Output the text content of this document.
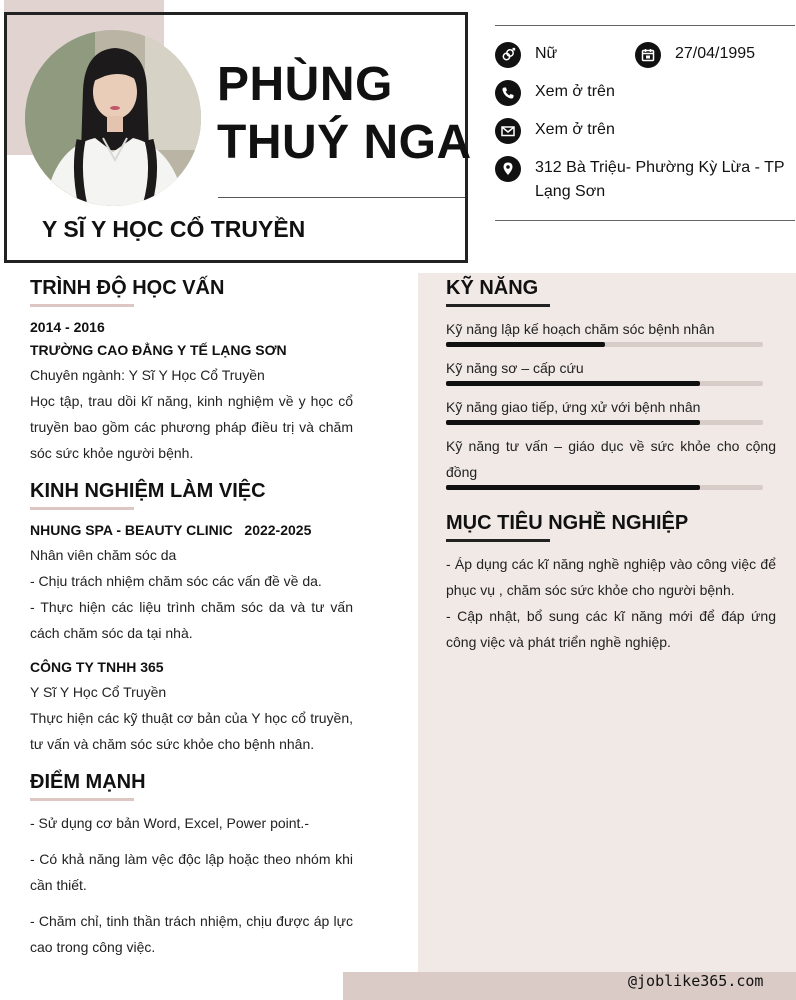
PHÙNG
THUÝ NGA
Y SĨ Y HỌC CỔ TRUYỀN
Nữ	27/04/1995
Xem ở trên
Xem ở trên
312 Bà Triệu- Phường Kỳ Lừa - TP
Lạng Sơn
TRÌNH ĐỘ HỌC VẤN
2014 - 2016
TRƯỜNG CAO ĐẲNG Y TẾ LẠNG SƠN
Chuyên ngành: Y Sĩ Y Học Cổ Truyền
Học tập, trau dồi kĩ năng, kinh nghiệm về y học cổ truyền bao gồm các phương pháp điều trị và chăm sóc sức khỏe người bệnh.
KINH NGHIỆM LÀM VIỆC
NHUNG SPA - BEAUTY CLINIC   2022-2025
Nhân viên chăm sóc da
- Chịu trách nhiệm chăm sóc các vấn đề về da.
- Thực hiện các liệu trình chăm sóc da và tư vấn cách chăm sóc da tại nhà.
CÔNG TY TNHH 365
Y Sĩ Y Học Cổ Truyền
Thực hiện các kỹ thuật cơ bản của Y học cổ truyền, tư vấn và chăm sóc sức khỏe cho bệnh nhân.
ĐIỂM MẠNH
- Sử dụng cơ bản Word, Excel, Power point.-
- Có khả năng làm vệc độc lập hoặc theo nhóm khi cần thiết.
- Chăm chỉ, tinh thần trách nhiệm, chịu được áp lực cao trong công việc.
KỸ NĂNG
Kỹ năng lập kế hoạch chăm sóc bệnh nhân
Kỹ năng sơ – cấp cứu
Kỹ năng giao tiếp, ứng xử với bệnh nhân
Kỹ năng tư vấn – giáo dục về sức khỏe cho cộng đồng
MỤC TIÊU NGHỀ NGHIỆP
- Áp dụng các kĩ năng nghề nghiệp vào công việc để phục vụ , chăm sóc sức khỏe cho người bệnh.
- Cập nhật, bổ sung các kĩ năng mới để đáp ứng công việc và phát triển nghề nghiệp.
@joblike365.com
